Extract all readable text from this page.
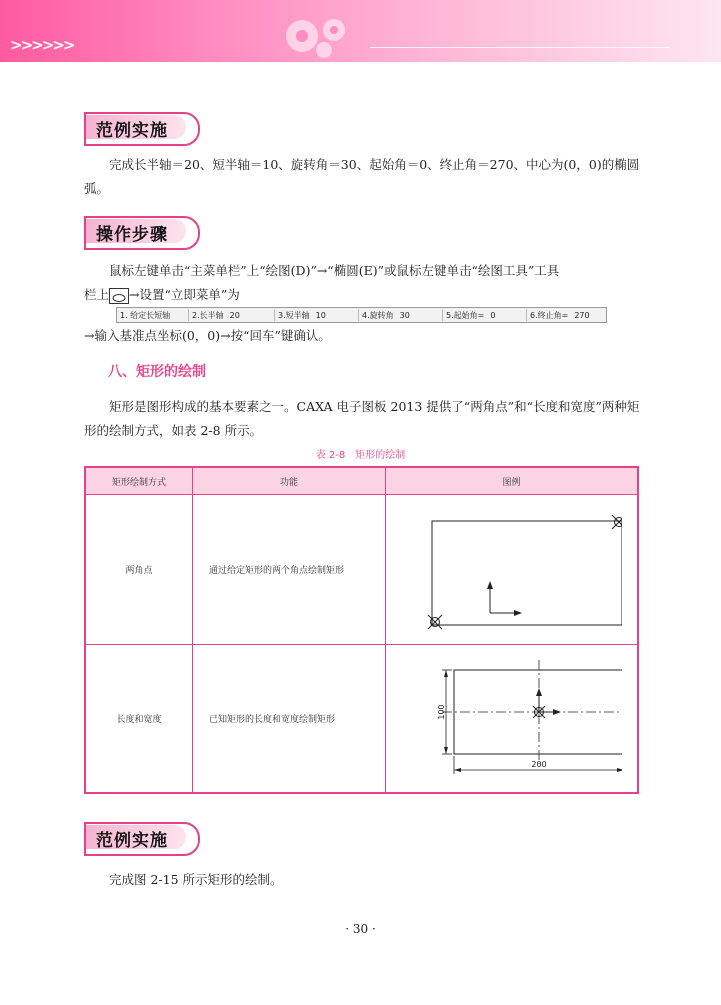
>>>>>>
范例实施
完成长半轴＝20、短半轴＝10、旋转角＝30、起始角＝0、终止角＝270、中心为(0，0)的椭圆弧。
操作步骤
鼠标左键单击“主菜单栏”上“绘图(D)”→“椭圆(E)”或鼠标左键单击“绘图工具”工具
栏上 →设置“立即菜单”为
1. 给定长短轴	2.长半轴 20	3.短半轴 10	4.旋转角 30	5.起始角= 0	6.终止角= 270
→输入基准点坐标(0，0)→按“回车”键确认。
八、矩形的绘制
矩形是图形构成的基本要素之一。CAXA 电子图板 2013 提供了“两角点”和“长度和宽度”两种矩形的绘制方式，如表 2-8 所示。
表 2-8　矩形的绘制
矩形绘制方式	功能	图例
两角点	通过给定矩形的两个角点绘制矩形	
长度和宽度	已知矩形的长度和宽度绘制矩形	100
200
范例实施
完成图 2-15 所示矩形的绘制。
· 30 ·
